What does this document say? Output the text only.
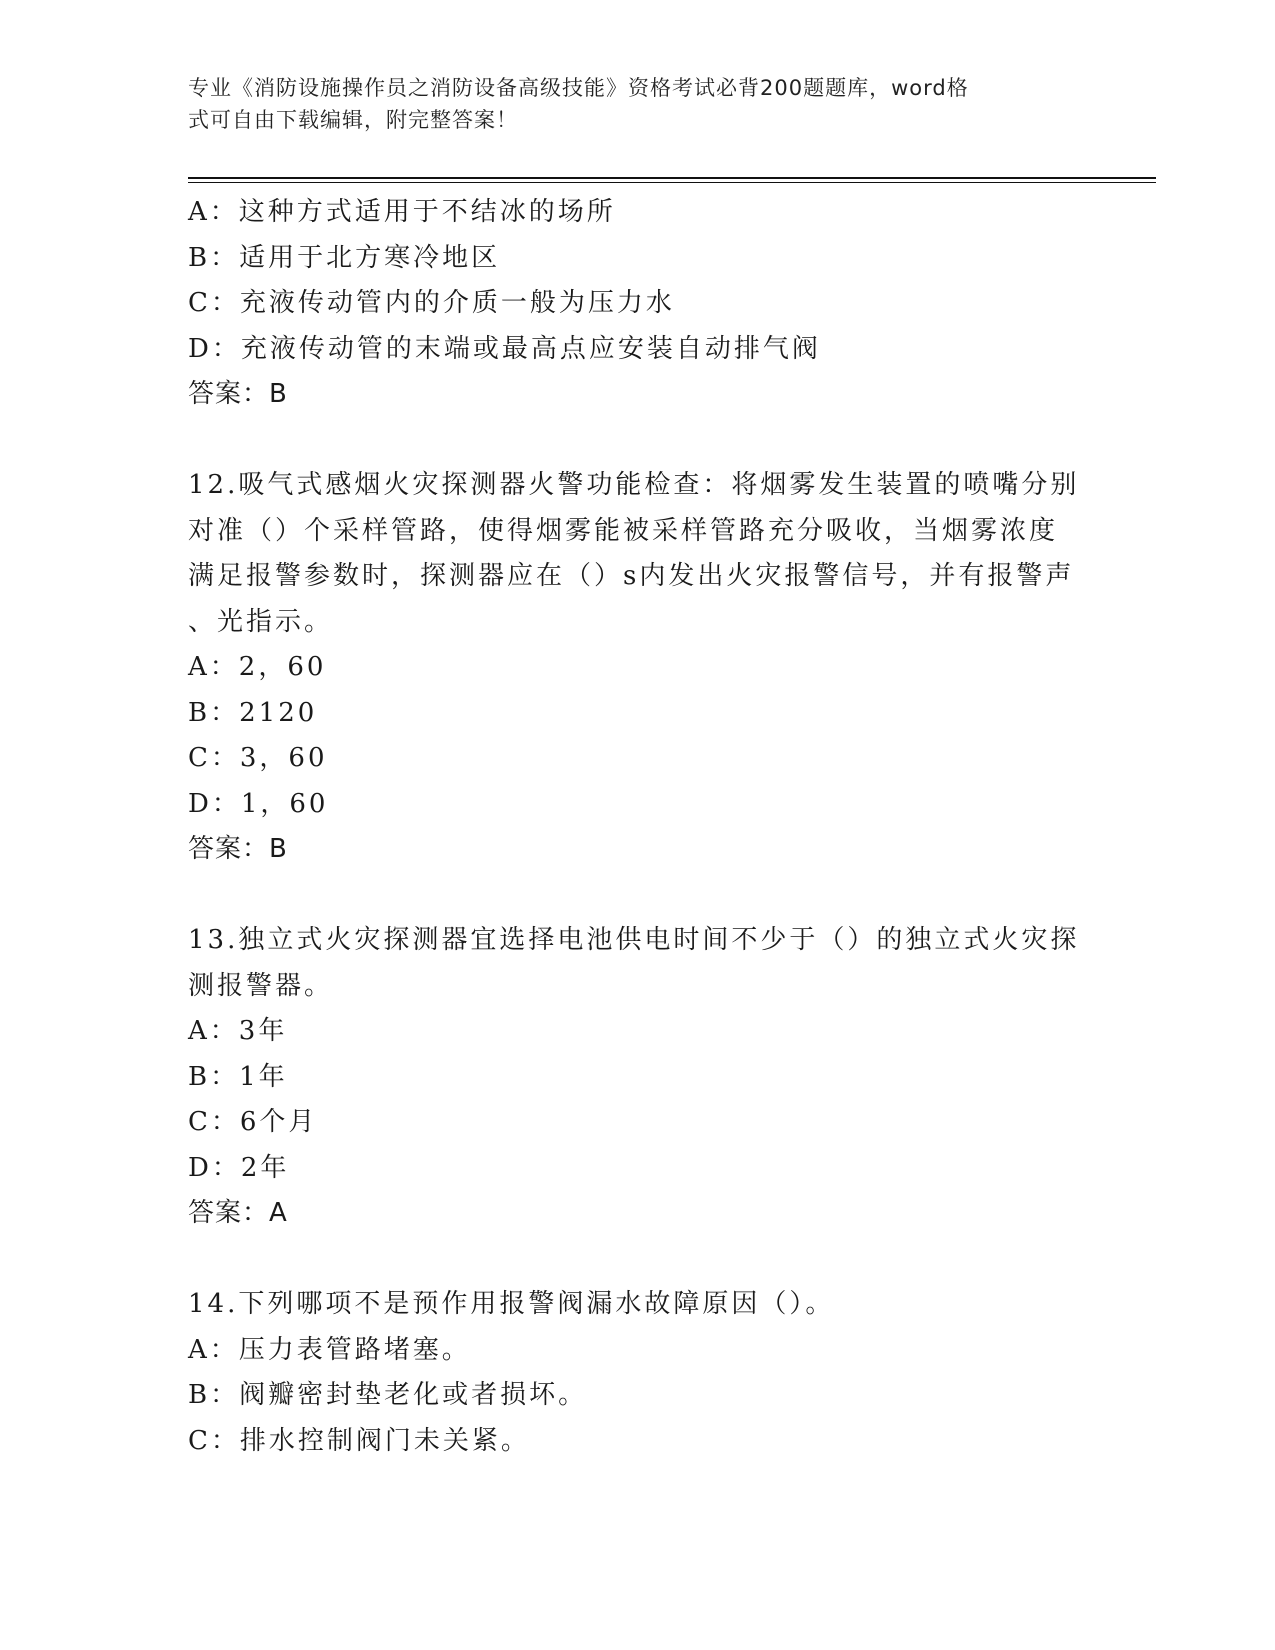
专业《消防设施操作员之消防设备高级技能》资格考试必背200题题库，word格
式可自由下载编辑，附完整答案！
A：这种方式适用于不结冰的场所
B：适用于北方寒冷地区
C：充液传动管内的介质一般为压力水
D：充液传动管的末端或最高点应安装自动排气阀
答案：B
12.吸气式感烟火灾探测器火警功能检查：将烟雾发生装置的喷嘴分别
对准（）个采样管路，使得烟雾能被采样管路充分吸收，当烟雾浓度
满足报警参数时，探测器应在（）s内发出火灾报警信号，并有报警声
、光指示。
A：2，60
B：2120
C：3，60
D：1，60
答案：B
13.独立式火灾探测器宜选择电池供电时间不少于（）的独立式火灾探
测报警器。
A：3年
B：1年
C：6个月
D：2年
答案：A
14.下列哪项不是预作用报警阀漏水故障原因（）。
A：压力表管路堵塞。
B：阀瓣密封垫老化或者损坏。
C：排水控制阀门未关紧。
